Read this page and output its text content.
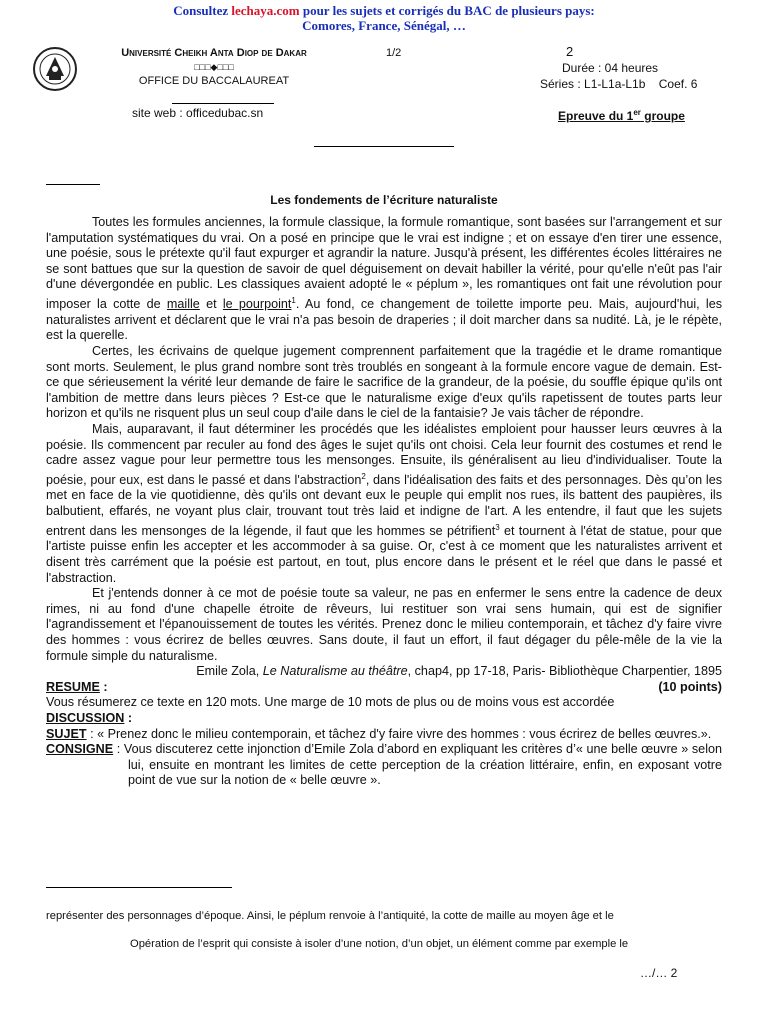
Consultez lechaya.com pour les sujets et corrigés du BAC de plusieurs pays:
Comores, France, Sénégal, …
Université Cheikh Anta Diop de Dakar
□□□◆□□□
OFFICE DU BACCALAUREAT
1/2	2
Durée : 04 heures
Séries : L1-L1a-L1b    Coef. 6
site web : officedubac.sn	Epreuve du 1er groupe
Les fondements de l’écriture naturaliste

Toutes les formules anciennes, la formule classique, la formule romantique, sont basées sur l'arrangement et sur l'amputation systématiques du vrai. On a posé en principe que le vrai est indigne ; et on essaye d'en tirer une essence, une poésie, sous le prétexte qu'il faut expurger et agrandir la nature. Jusqu'à présent, les différentes écoles littéraires ne se sont battues que sur la question de savoir de quel déguisement on devait habiller la vérité, pour qu'elle n'eût pas l'air d'une dévergondée en public. Les classiques avaient adopté le « péplum », les romantiques ont fait une révolution pour imposer la cotte de maille et le pourpoint$^1$. Au fond, ce changement de toilette importe peu. Mais, aujourd'hui, les naturalistes arrivent et déclarent que le vrai n'a pas besoin de draperies ; il doit marcher dans sa nudité. Là, je le répète, est la querelle.

Certes, les écrivains de quelque jugement comprennent parfaitement que la tragédie et le drame romantique sont morts. Seulement, le plus grand nombre sont très troublés en songeant à la formule encore vague de demain. Est-ce que sérieusement la vérité leur demande de faire le sacrifice de la grandeur, de la poésie, du souffle épique qu'ils ont l'ambition de mettre dans leurs pièces ? Est-ce que le naturalisme exige d'eux qu'ils rapetissent de toutes parts leur horizon et qu'ils ne risquent plus un seul coup d'aile dans le ciel de la fantaisie? Je vais tâcher de répondre.

Mais, auparavant, il faut déterminer les procédés que les idéalistes emploient pour hausser leurs œuvres à la poésie. Ils commencent par reculer au fond des âges le sujet qu'ils ont choisi. Cela leur fournit des costumes et rend le cadre assez vague pour leur permettre tous les mensonges. Ensuite, ils généralisent au lieu d'individualiser. Toute la poésie, pour eux, est dans le passé et dans l'abstraction$^2$, dans l'idéalisation des faits et des personnages. Dès qu’on les met en face de la vie quotidienne, dès qu'ils ont devant eux le peuple qui emplit nos rues, ils battent des paupières, ils balbutient, effarés, ne voyant plus clair, trouvant tout très laid et indigne de l'art. A les entendre, il faut que les sujets entrent dans les mensonges de la légende, il faut que les hommes se pétrifient$^3$ et tournent à l'état de statue, pour que l'artiste puisse enfin les accepter et les accommoder à sa guise. Or, c'est à ce moment que les naturalistes arrivent et disent très carrément que la poésie est partout, en tout, plus encore dans le présent et le réel que dans le passé et l'abstraction.

Et j'entends donner à ce mot de poésie toute sa valeur, ne pas en enfermer le sens entre la cadence de deux rimes, ni au fond d'une chapelle étroite de rêveurs, lui restituer son vrai sens humain, qui est de signifier l'agrandissement et l'épanouissement de toutes les vérités. Prenez donc le milieu contemporain, et tâchez d'y faire vivre des hommes : vous écrirez de belles œuvres. Sans doute, il faut un effort, il faut dégager du pêle-mêle de la vie la formule simple du naturalisme.

Emile Zola, Le Naturalisme au théâtre, chap4, pp 17-18, Paris- Bibliothèque Charpentier, 1895
RESUME :	(10 points)
Vous résumerez ce texte en 120 mots. Une marge de 10 mots de plus ou de moins vous est accordée
DISCUSSION :
SUJET : « Prenez donc le milieu contemporain, et tâchez d'y faire vivre des hommes : vous écrirez de belles œuvres.».
CONSIGNE : Vous discuterez cette injonction d’Emile Zola d’abord en expliquant les critères d’« une belle œuvre » selon lui, ensuite en montrant les limites de cette perception de la création littéraire, enfin, en exposant votre point de vue sur la notion de « belle œuvre ».
représenter des personnages d’époque. Ainsi, le péplum renvoie à l’antiquité, la cotte de maille au moyen âge et le
Opération de l’esprit qui consiste à isoler d’une notion, d’un objet, un élément comme par exemple le
…/… 2
